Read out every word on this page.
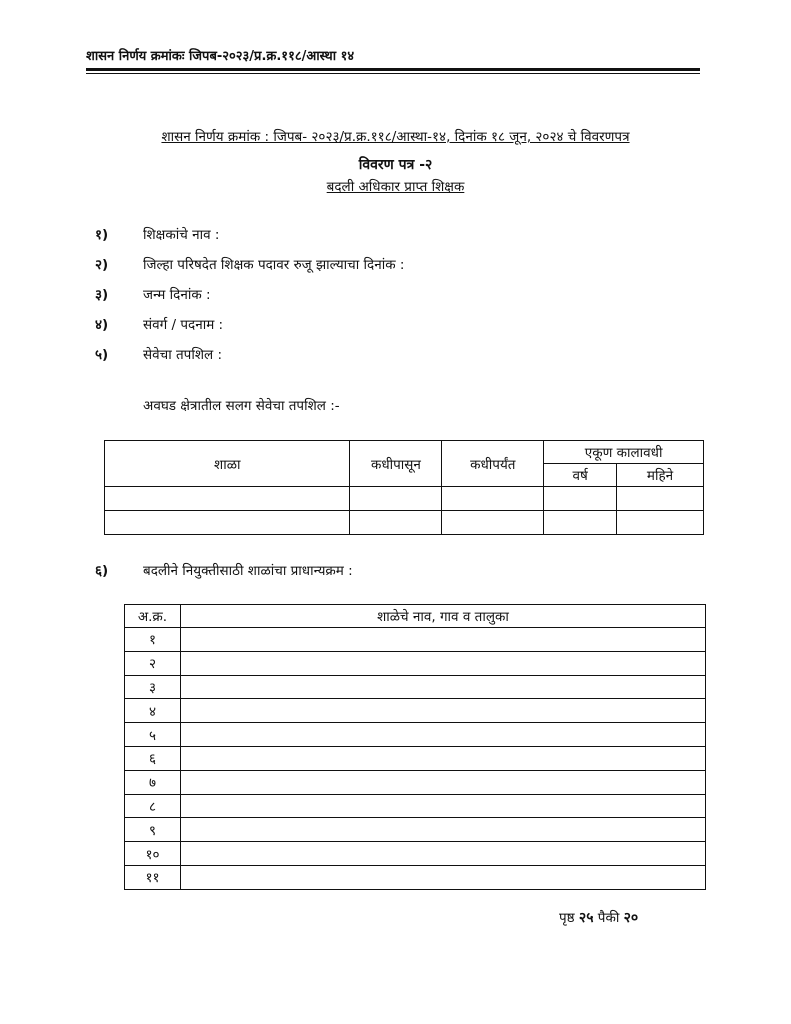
शासन निर्णय क्रमांकः जिपब-२०२३/प्र.क्र.११८/आस्था १४
शासन निर्णय क्रमांक : जिपब- २०२३/प्र.क्र.११८/आस्था-१४, दिनांक १८ जून, २०२४ चे विवरणपत्र
विवरण पत्र -२
बदली अधिकार प्राप्त शिक्षक
१)	शिक्षकांचे नाव :
२)	जिल्हा परिषदेत शिक्षक पदावर रुजू झाल्याचा दिनांक :
३)	जन्म दिनांक :
४)	संवर्ग / पदनाम :
५)	सेवेचा तपशिल :
अवघड क्षेत्रातील सलग सेवेचा तपशिल :-
शाळा	कधीपासून	कधीपर्यंत	एकूण कालावधी	
			वर्ष	महिने

६)	बदलीने नियुक्तीसाठी शाळांचा प्राधान्यक्रम :
अ.क्र.	शाळेचे नाव, गाव व तालुका
१	
२	
३	
४	
५	
६	
७	
८	
९	
१०	
११	
पृष्ठ २५ पैकी २०
